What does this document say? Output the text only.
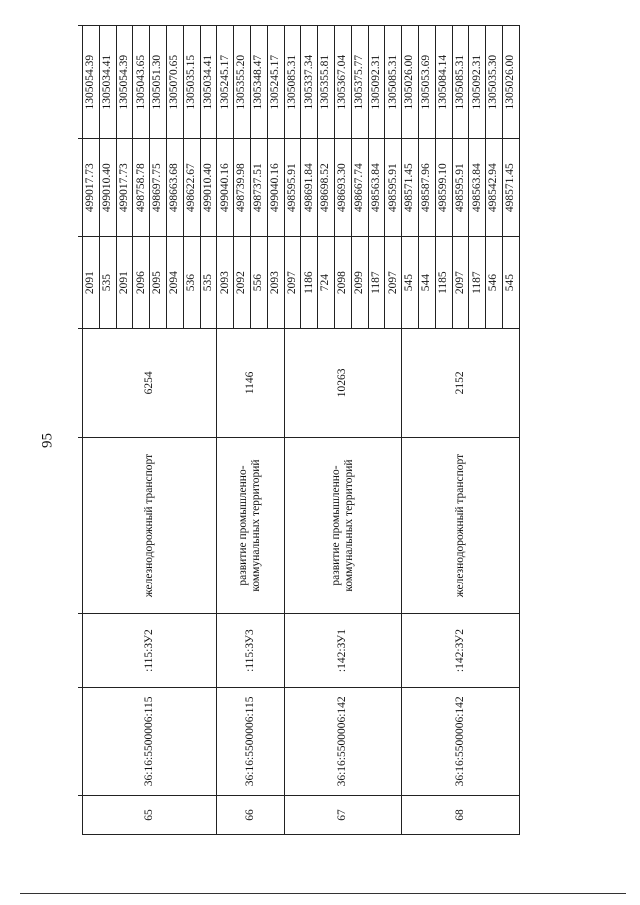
95

65	36:16:5500006:115	:115:ЗУ2	железнодорожный транспорт	6254	2091	499017.73	1305054.39
					535	499010.40	1305034.41
					2091	499017.73	1305054.39
					2096	498758.78	1305043.65
					2095	498697.75	1305051.30
					2094	498663.68	1305070.65
					536	498622.67	1305035.15
					535	499010.40	1305034.41
66	36:16:5500006:115	:115:ЗУ3	развитие промышленно-коммунальных территорий	1146	2093	499040.16	1305245.17
					2092	498739.98	1305355.20
					556	498737.51	1305348.47
					2093	499040.16	1305245.17
67	36:16:5500006:142	:142:ЗУ1	развитие промышленно-коммунальных территорий	10263	2097	498595.91	1305085.31
					1186	498691.84	1305337.34
					724	498698.52	1305355.81
					2098	498693.30	1305367.04
					2099	498667.74	1305375.77
					1187	498563.84	1305092.31
					2097	498595.91	1305085.31
68	36:16:5500006:142	:142:ЗУ2	железнодорожный транспорт	2152	545	498571.45	1305026.00
					544	498587.96	1305053.69
					1185	498599.10	1305084.14
					2097	498595.91	1305085.31
					1187	498563.84	1305092.31
					546	498542.94	1305035.30
					545	498571.45	1305026.00
